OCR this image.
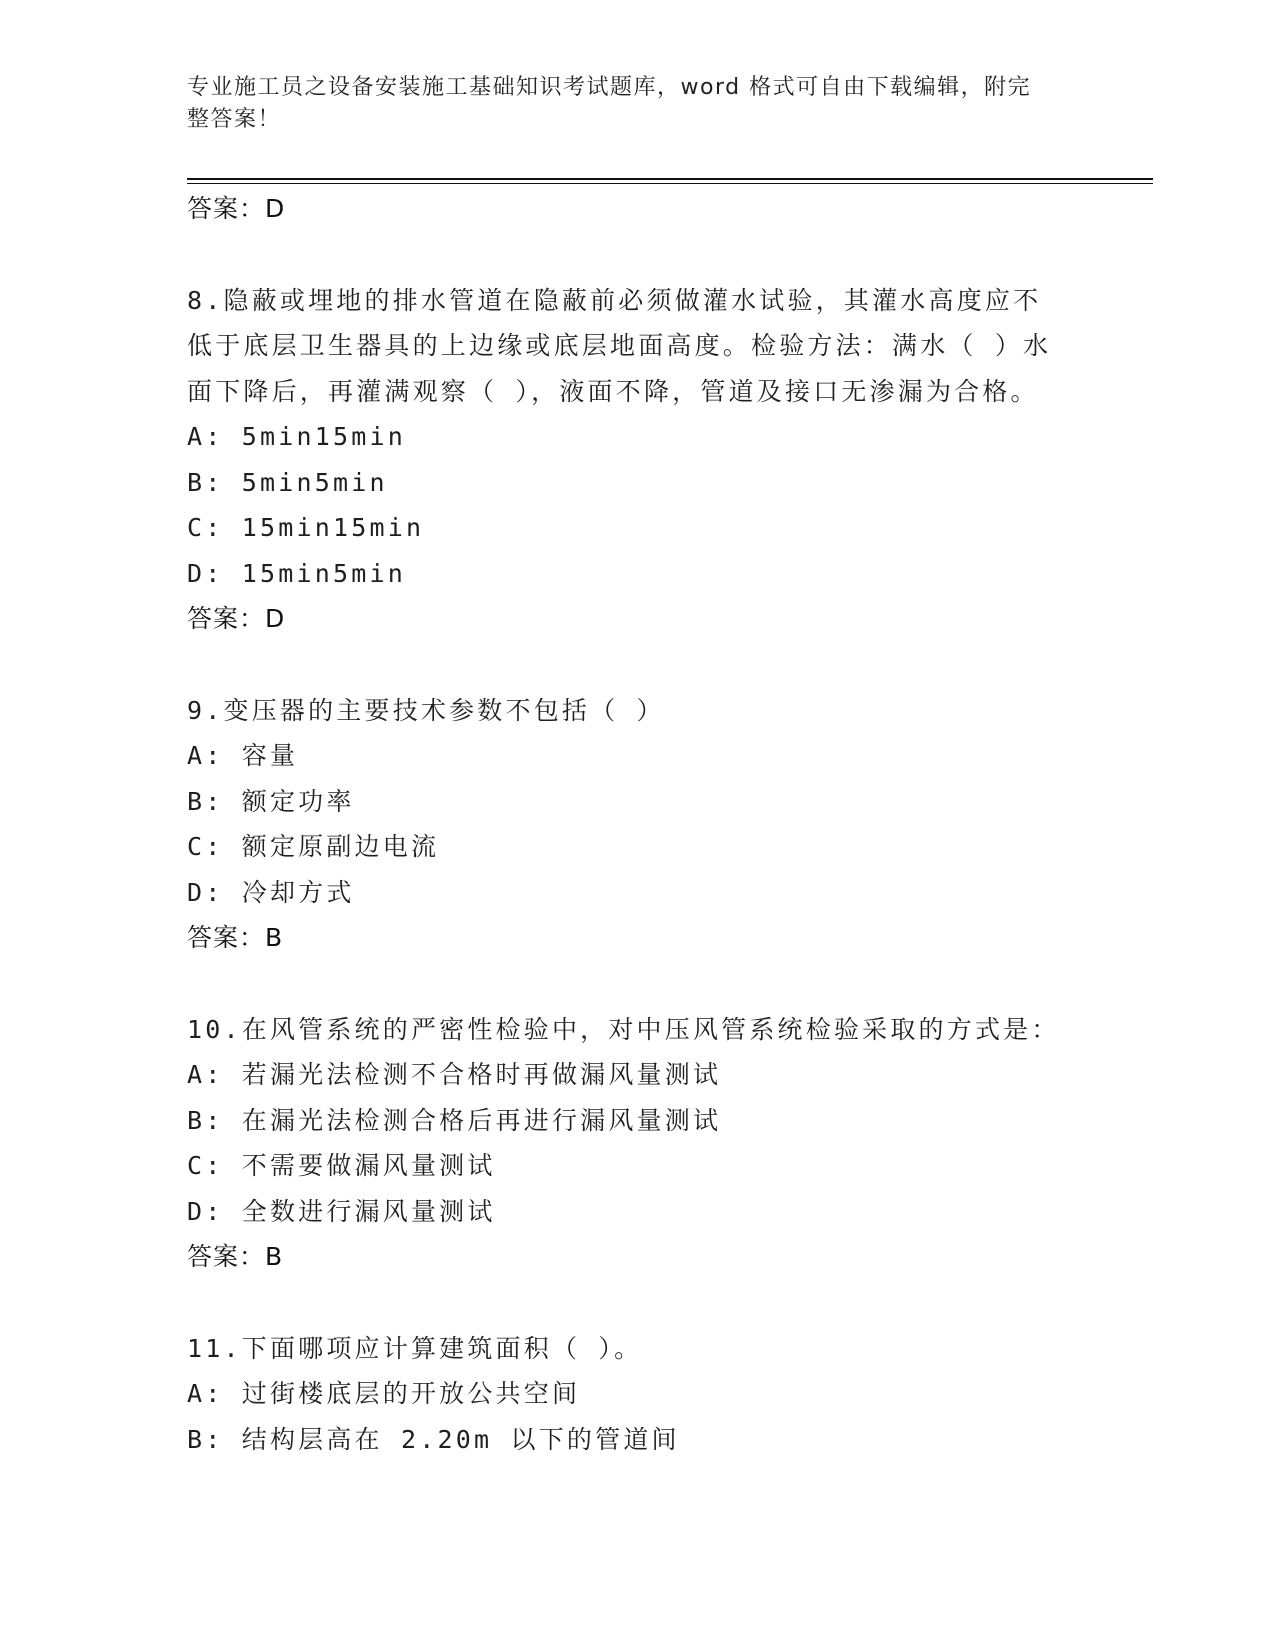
专业施工员之设备安装施工基础知识考试题库，word 格式可自由下载编辑，附完
整答案！
答案：D
8.隐蔽或埋地的排水管道在隐蔽前必须做灌水试验，其灌水高度应不
低于底层卫生器具的上边缘或底层地面高度。检验方法：满水（ ）水
面下降后，再灌满观察（ ），液面不降，管道及接口无渗漏为合格。
A: 5min15min
B: 5min5min
C: 15min15min
D: 15min5min
答案：D
9.变压器的主要技术参数不包括（ ）
A: 容量
B: 额定功率
C: 额定原副边电流
D: 冷却方式
答案：B
10.在风管系统的严密性检验中，对中压风管系统检验采取的方式是：
A: 若漏光法检测不合格时再做漏风量测试
B: 在漏光法检测合格后再进行漏风量测试
C: 不需要做漏风量测试
D: 全数进行漏风量测试
答案：B
11.下面哪项应计算建筑面积（ ）。
A: 过街楼底层的开放公共空间
B: 结构层高在 2.20m 以下的管道间
